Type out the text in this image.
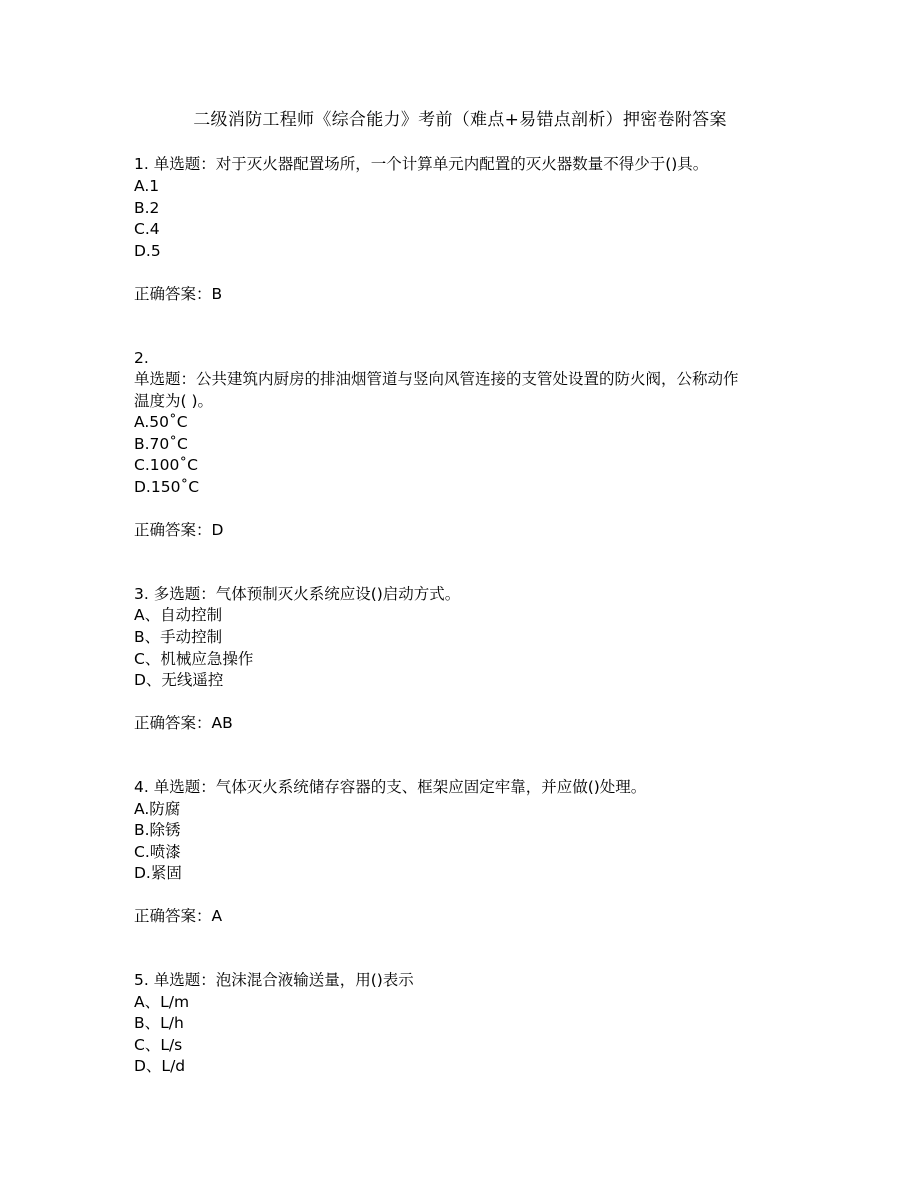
二级消防工程师《综合能力》考前（难点+易错点剖析）押密卷附答案
1. 单选题：对于灭火器配置场所，一个计算单元内配置的灭火器数量不得少于()具。
A.1
B.2
C.4
D.5
正确答案：B
2.
单选题：公共建筑内厨房的排油烟管道与竖向风管连接的支管处设置的防火阀，公称动作
温度为( )。
A.50˚C
B.70˚C
C.100˚C
D.150˚C
正确答案：D
3. 多选题：气体预制灭火系统应设()启动方式。
A、自动控制
B、手动控制
C、机械应急操作
D、无线遥控
正确答案：AB
4. 单选题：气体灭火系统储存容器的支、框架应固定牢靠，并应做()处理。
A.防腐
B.除锈
C.喷漆
D.紧固
正确答案：A
5. 单选题：泡沫混合液输送量，用()表示
A、L/m
B、L/h
C、L/s
D、L/d
